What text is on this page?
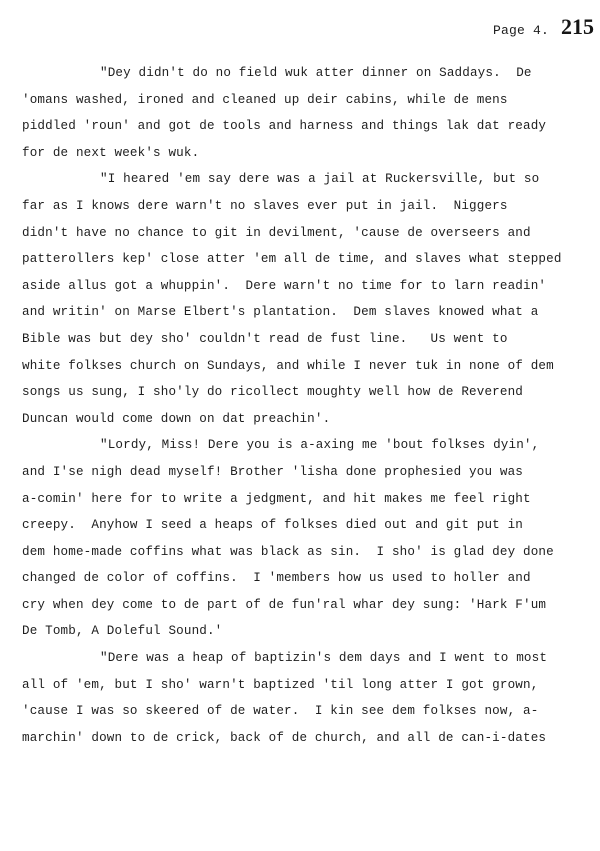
Page 4. 215
"Dey didn't do no field wuk atter dinner on Saddays.  De
'omans washed, ironed and cleaned up deir cabins, while de mens
piddled 'roun' and got de tools and harness and things lak dat ready
for de next week's wuk.
"I heared 'em say dere was a jail at Ruckersville, but so
far as I knows dere warn't no slaves ever put in jail.  Niggers
didn't have no chance to git in devilment, 'cause de overseers and
patterollers kep' close atter 'em all de time, and slaves what stepped
aside allus got a whuppin'.  Dere warn't no time for to larn readin'
and writin' on Marse Elbert's plantation.  Dem slaves knowed what a
Bible was but dey sho' couldn't read de fust line.   Us went to
white folkses church on Sundays, and while I never tuk in none of dem
songs us sung, I sho'ly do ricollect moughty well how de Reverend
Duncan would come down on dat preachin'.
"Lordy, Miss! Dere you is a-axing me 'bout folkses dyin',
and I'se nigh dead myself! Brother 'lisha done prophesied you was
a-comin' here for to write a jedgment, and hit makes me feel right
creepy.  Anyhow I seed a heaps of folkses died out and git put in
dem home-made coffins what was black as sin.  I sho' is glad dey done
changed de color of coffins.  I 'members how us used to holler and
cry when dey come to de part of de fun'ral whar dey sung: 'Hark F'um
De Tomb, A Doleful Sound.'
"Dere was a heap of baptizin's dem days and I went to most
all of 'em, but I sho' warn't baptized 'til long atter I got grown,
'cause I was so skeered of de water.  I kin see dem folkses now, a-
marchin' down to de crick, back of de church, and all de can-i-dates
